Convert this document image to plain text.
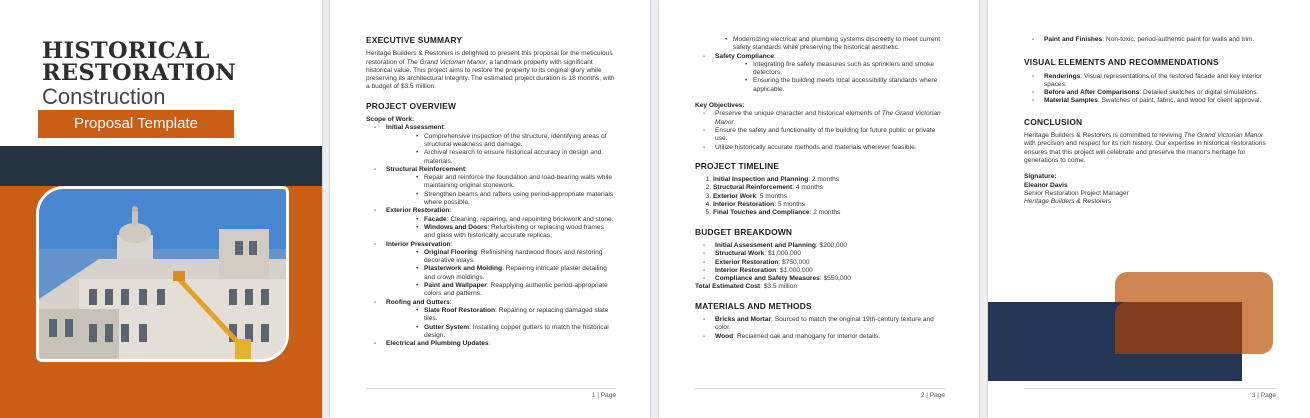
HISTORICAL
RESTORATION
Construction
Proposal Template
EXECUTIVE SUMMARY
Heritage Builders & Restorers is delighted to present this proposal for the meticulous restoration of The Grand Victorian Manor, a landmark property with significant historical value. This project aims to restore the property to its original glory while preserving its architectural integrity. The estimated project duration is 18 months, with a budget of $3.5 million.
PROJECT OVERVIEW
Scope of Work:
- Initial Assessment:
• Comprehensive inspection of the structure, identifying areas of structural weakness and damage.
• Archival research to ensure historical accuracy in design and materials.
- Structural Reinforcement:
• Repair and reinforce the foundation and load-bearing walls while maintaining original stonework.
• Strengthen beams and rafters using period-appropriate materials where possible.
- Exterior Restoration:
• Facade: Cleaning, repairing, and repointing brickwork and stone.
• Windows and Doors: Refurbishing or replacing wood frames and glass with historically accurate replicas.
- Interior Preservation:
• Original Flooring: Refinishing hardwood floors and restoring decorative inlays.
• Plasterwork and Molding: Repairing intricate plaster detailing and crown moldings.
• Paint and Wallpaper: Reapplying authentic period-appropriate colors and patterns.
- Roofing and Gutters:
• Slate Roof Restoration: Repairing or replacing damaged slate tiles.
• Gutter System: Installing copper gutters to match the historical design.
- Electrical and Plumbing Updates:
1 | Page
• Modernizing electrical and plumbing systems discreetly to meet current safety standards while preserving the historical aesthetic.
- Safety Compliance:
• Integrating fire safety measures such as sprinklers and smoke detectors.
• Ensuring the building meets local accessibility standards where applicable.
Key Objectives:
- Preserve the unique character and historical elements of The Grand Victorian Manor.
- Ensure the safety and functionality of the building for future public or private use.
- Utilize historically accurate methods and materials wherever feasible.
PROJECT TIMELINE
1. Initial Inspection and Planning: 2 months
2. Structural Reinforcement: 4 months
3. Exterior Work: 5 months
4. Interior Restoration: 5 months
5. Final Touches and Compliance: 2 months
BUDGET BREAKDOWN
- Initial Assessment and Planning: $200,000
- Structural Work: $1,000,000
- Exterior Restoration: $750,000
- Interior Restoration: $1,000,000
- Compliance and Safety Measures: $550,000
Total Estimated Cost: $3.5 million
MATERIALS AND METHODS
- Bricks and Mortar: Sourced to match the original 19th-century texture and color.
- Wood: Reclaimed oak and mahogany for interior details.
2 | Page
- Paint and Finishes: Non-toxic, period-authentic paint for walls and trim.
VISUAL ELEMENTS AND RECOMMENDATIONS
- Renderings: Visual representations of the restored facade and key interior spaces.
- Before and After Comparisons: Detailed sketches or digital simulations.
- Material Samples: Swatches of paint, fabric, and wood for client approval.
CONCLUSION
Heritage Builders & Restorers is committed to reviving The Grand Victorian Manor with precision and respect for its rich history. Our expertise in historical restorations ensures that this project will celebrate and preserve the manor's heritage for generations to come.
Signature:
Eleanor Davis
Senior Restoration Project Manager
Heritage Builders & Restorers
3 | Page
